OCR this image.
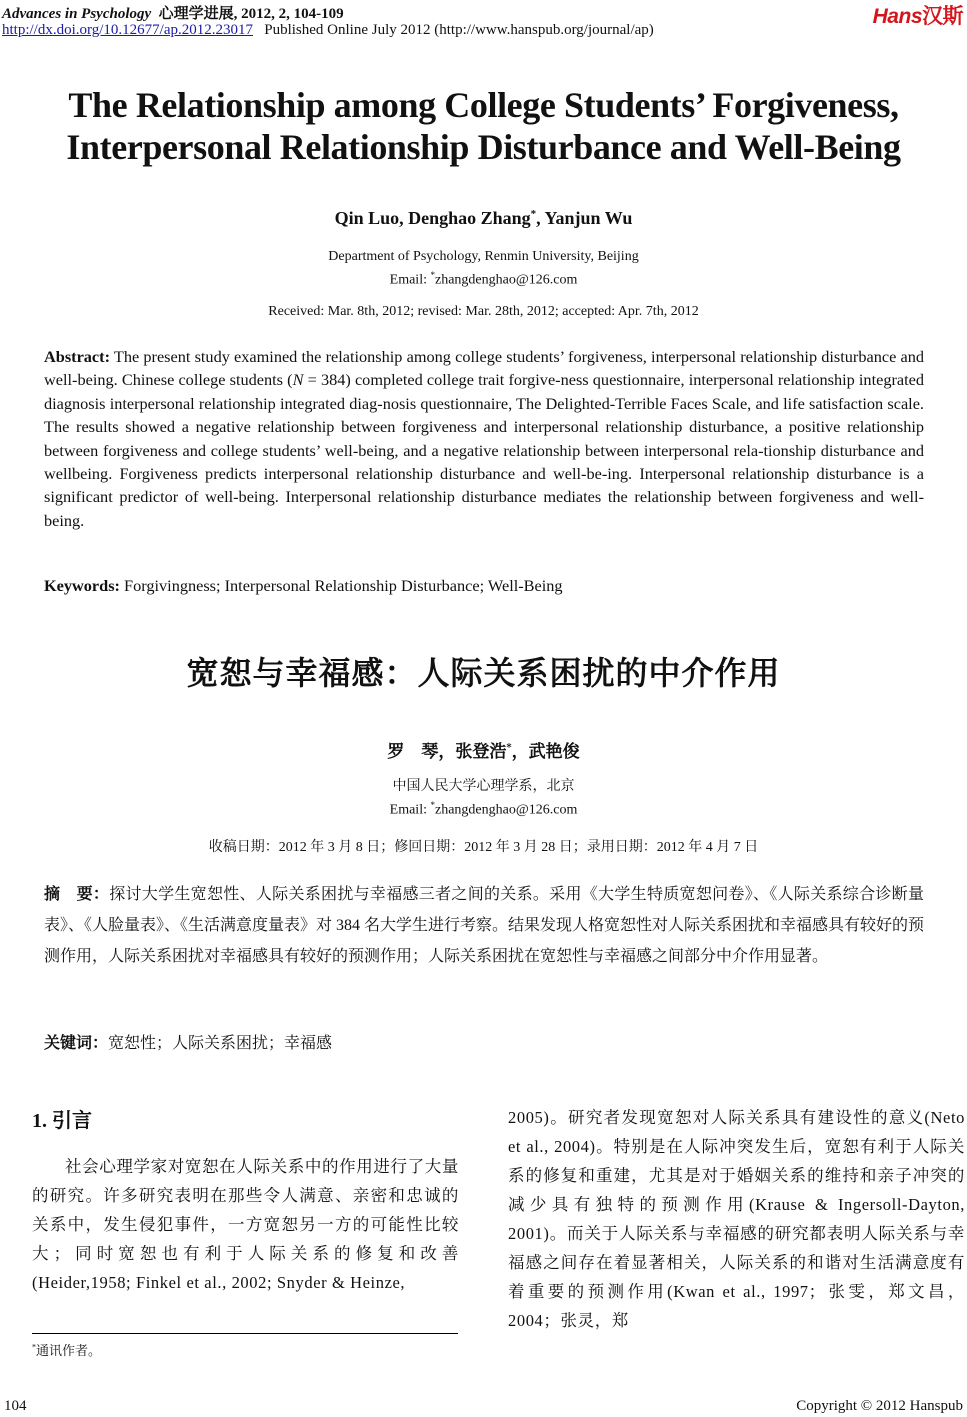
Advances in Psychology 心理学进展, 2012, 2, 104-109
http://dx.doi.org/10.12677/ap.2012.23017 Published Online July 2012 (http://www.hanspub.org/journal/ap)
Hans汉斯
The Relationship among College Students’ Forgiveness,
Interpersonal Relationship Disturbance and Well-Being
Qin Luo, Denghao Zhang*, Yanjun Wu
Department of Psychology, Renmin University, Beijing
Email: *zhangdenghao@126.com
Received: Mar. 8th, 2012; revised: Mar. 28th, 2012; accepted: Apr. 7th, 2012
Abstract: The present study examined the relationship among college students’ forgiveness, interpersonal relationship disturbance and well-being. Chinese college students (N = 384) completed college trait forgive-ness questionnaire, interpersonal relationship integrated diagnosis interpersonal relationship integrated diag-nosis questionnaire, The Delighted-Terrible Faces Scale, and life satisfaction scale. The results showed a negative relationship between forgiveness and interpersonal relationship disturbance, a positive relationship between forgiveness and college students’ well-being, and a negative relationship between interpersonal rela-tionship disturbance and wellbeing. Forgiveness predicts interpersonal relationship disturbance and well-be-ing. Interpersonal relationship disturbance is a significant predictor of well-being. Interpersonal relationship disturbance mediates the relationship between forgiveness and well-being.
Keywords: Forgivingness; Interpersonal Relationship Disturbance; Well-Being
宽恕与幸福感：人际关系困扰的中介作用
罗　琴，张登浩*，武艳俊
中国人民大学心理学系，北京
Email: *zhangdenghao@126.com
收稿日期：2012 年 3 月 8 日；修回日期：2012 年 3 月 28 日；录用日期：2012 年 4 月 7 日
摘　要：探讨大学生宽恕性、人际关系困扰与幸福感三者之间的关系。采用《大学生特质宽恕问卷》、《人际关系综合诊断量表》、《人脸量表》、《生活满意度量表》对 384 名大学生进行考察。结果发现人格宽恕性对人际关系困扰和幸福感具有较好的预测作用，人际关系困扰对幸福感具有较好的预测作用；人际关系困扰在宽恕性与幸福感之间部分中介作用显著。
关键词：宽恕性；人际关系困扰；幸福感
1. 引言
社会心理学家对宽恕在人际关系中的作用进行了大量的研究。许多研究表明在那些令人满意、亲密和忠诚的关系中，发生侵犯事件，一方宽恕另一方的可能性比较大；同时宽恕也有利于人际关系的修复和改善(Heider,1958; Finkel et al., 2002; Snyder & Heinze,
2005)。研究者发现宽恕对人际关系具有建设性的意义(Neto et al., 2004)。特别是在人际冲突发生后，宽恕有利于人际关系的修复和重建，尤其是对于婚姻关系的维持和亲子冲突的减少具有独特的预测作用(Krause & Ingersoll-Dayton, 2001)。而关于人际关系与幸福感的研究都表明人际关系与幸福感之间存在着显著相关，人际关系的和谐对生活满意度有着重要的预测作用(Kwan et al., 1997；张雯，郑文昌，2004；张灵，郑
*通讯作者。
104	Copyright © 2012 Hanspub
